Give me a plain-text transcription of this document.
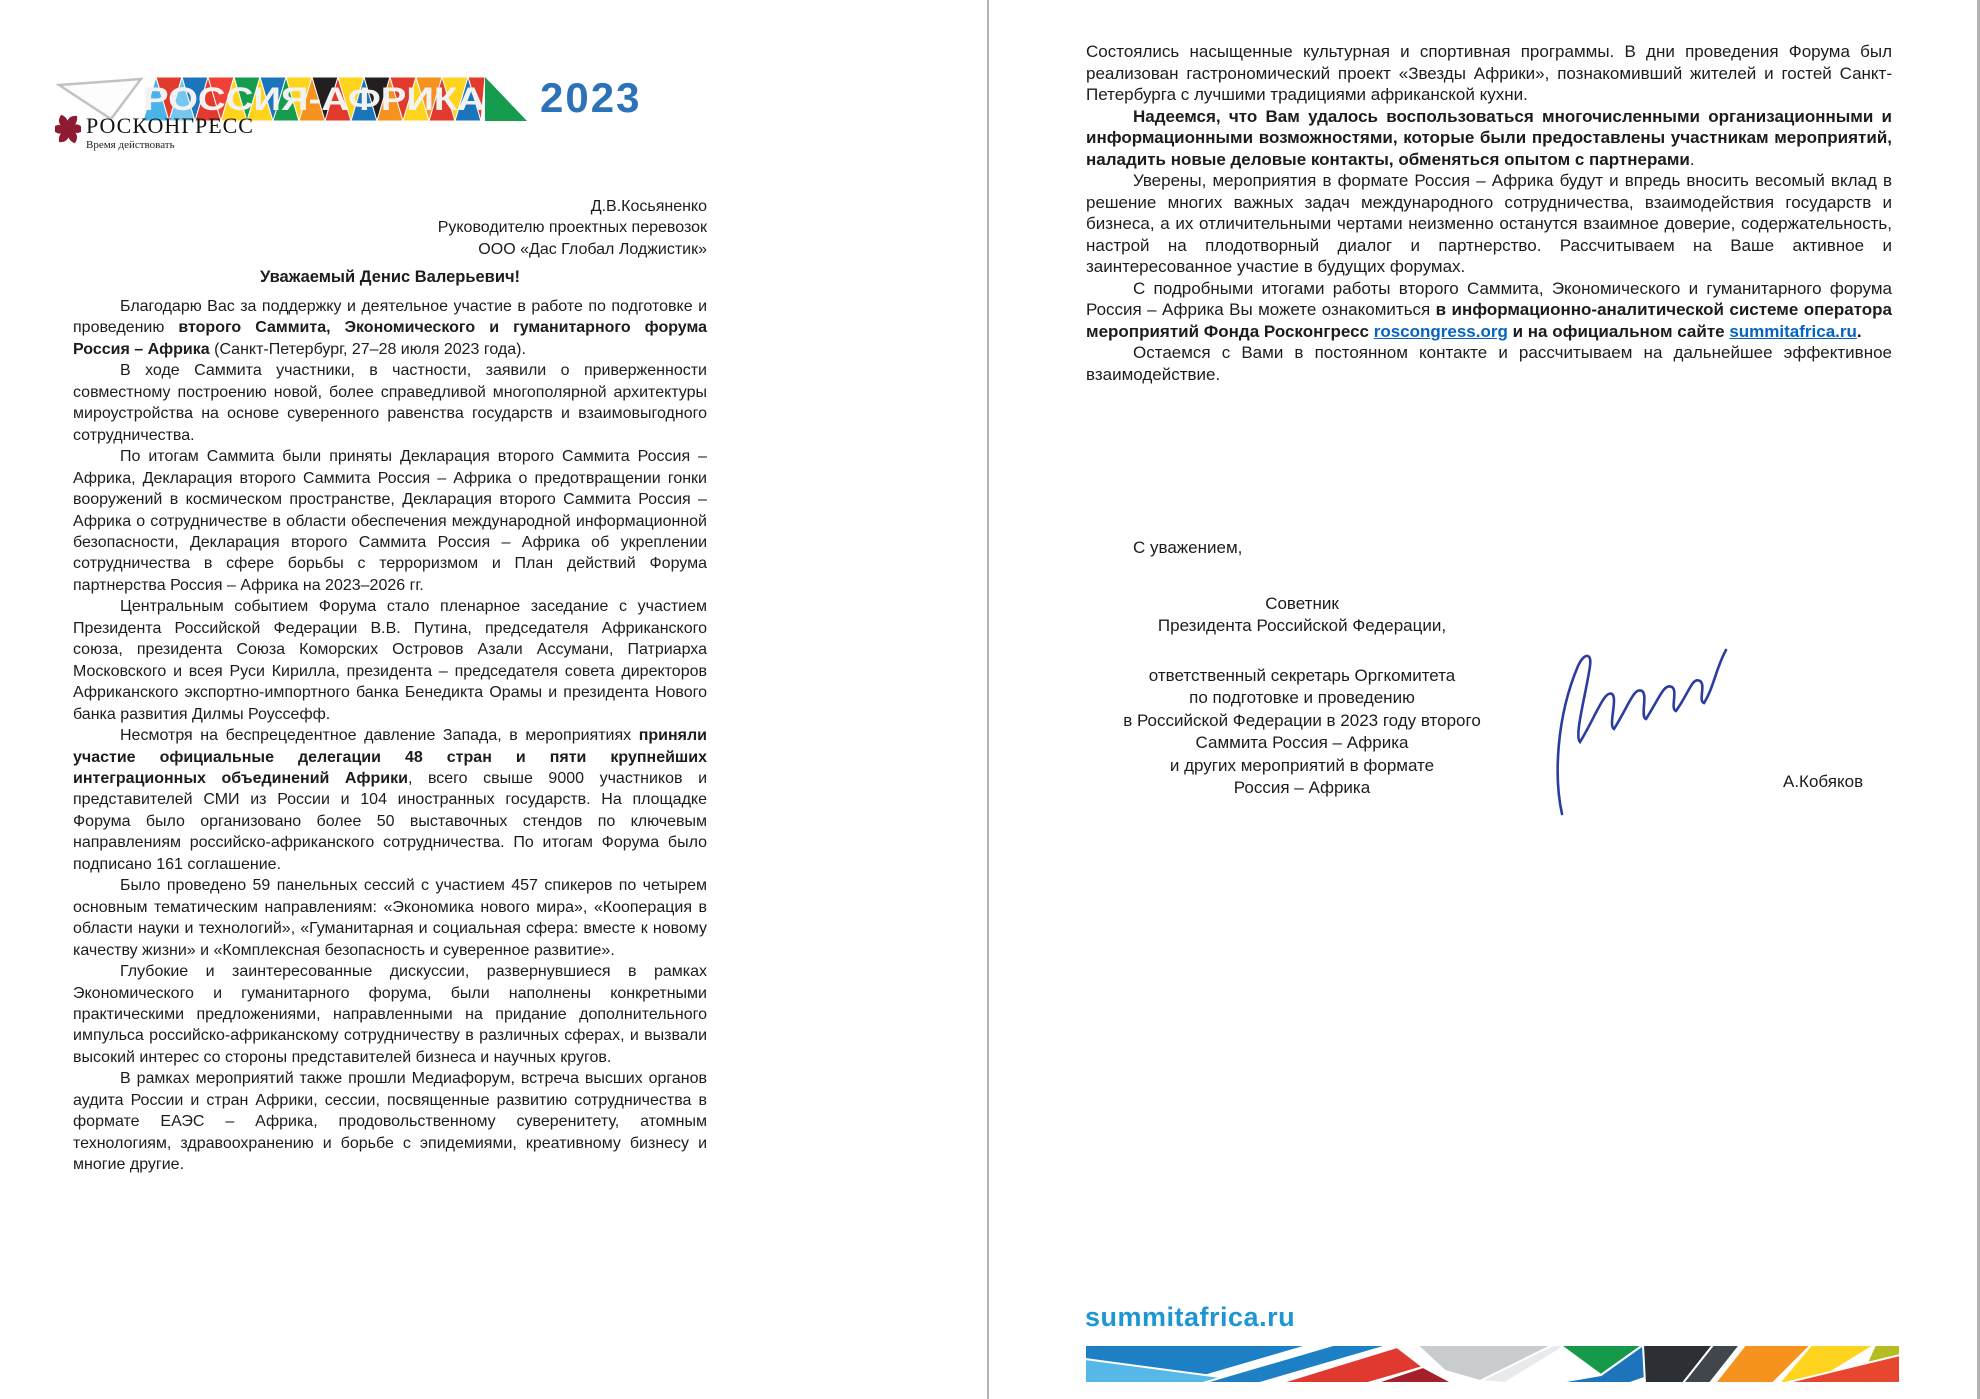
РОССИЯ-АФРИКА 2023
РОСКОНГРЕСС
Время действовать
Д.В.Косьяненко
Руководителю проектных перевозок
ООО «Дас Глобал Лоджистик»
Уважаемый Денис Валерьевич!

Благодарю Вас за поддержку и деятельное участие в работе по подготовке и проведению второго Саммита, Экономического и гуманитарного форума Россия – Африка (Санкт-Петербург, 27–28 июля 2023 года).

В ходе Саммита участники, в частности, заявили о приверженности совместному построению новой, более справедливой многополярной архитектуры мироустройства на основе суверенного равенства государств и взаимовыгодного сотрудничества.

По итогам Саммита были приняты Декларация второго Саммита Россия – Африка, Декларация второго Саммита Россия – Африка о предотвращении гонки вооружений в космическом пространстве, Декларация второго Саммита Россия – Африка о сотрудничестве в области обеспечения международной информационной безопасности, Декларация второго Саммита Россия – Африка об укреплении сотрудничества в сфере борьбы с терроризмом и План действий Форума партнерства Россия – Африка на 2023–2026 гг.

Центральным событием Форума стало пленарное заседание с участием Президента Российской Федерации В.В. Путина, председателя Африканского союза, президента Союза Коморских Островов Азали Ассумани, Патриарха Московского и всея Руси Кирилла, президента – председателя совета директоров Африканского экспортно-импортного банка Бенедикта Орамы и президента Нового банка развития Дилмы Роуссефф.

Несмотря на беспрецедентное давление Запада, в мероприятиях приняли участие официальные делегации 48 стран и пяти крупнейших интеграционных объединений Африки, всего свыше 9000 участников и представителей СМИ из России и 104 иностранных государств. На площадке Форума было организовано более 50 выставочных стендов по ключевым направлениям российско-африканского сотрудничества. По итогам Форума было подписано 161 соглашение.

Было проведено 59 панельных сессий с участием 457 спикеров по четырем основным тематическим направлениям: «Экономика нового мира», «Кооперация в области науки и технологий», «Гуманитарная и социальная сфера: вместе к новому качеству жизни» и «Комплексная безопасность и суверенное развитие».

Глубокие и заинтересованные дискуссии, развернувшиеся в рамках Экономического и гуманитарного форума, были наполнены конкретными практическими предложениями, направленными на придание дополнительного импульса российско-африканскому сотрудничеству в различных сферах, и вызвали высокий интерес со стороны представителей бизнеса и научных кругов.

В рамках мероприятий также прошли Медиафорум, встреча высших органов аудита России и стран Африки, сессии, посвященные развитию сотрудничества в формате ЕАЭС – Африка, продовольственному суверенитету, атомным технологиям, здравоохранению и борьбе с эпидемиями, креативному бизнесу и многие другие.

Состоялись насыщенные культурная и спортивная программы. В дни проведения Форума был реализован гастрономический проект «Звезды Африки», познакомивший жителей и гостей Санкт-Петербурга с лучшими традициями африканской кухни.

Надеемся, что Вам удалось воспользоваться многочисленными организационными и информационными возможностями, которые были предоставлены участникам мероприятий, наладить новые деловые контакты, обменяться опытом с партнерами.

Уверены, мероприятия в формате Россия – Африка будут и впредь вносить весомый вклад в решение многих важных задач международного сотрудничества, взаимодействия государств и бизнеса, а их отличительными чертами неизменно останутся взаимное доверие, содержательность, настрой на плодотворный диалог и партнерство. Рассчитываем на Ваше активное и заинтересованное участие в будущих форумах.

С подробными итогами работы второго Саммита, Экономического и гуманитарного форума Россия – Африка Вы можете ознакомиться в информационно-аналитической системе оператора мероприятий Фонда Росконгресс roscongress.org и на официальном сайте summitafrica.ru.

Остаемся с Вами в постоянном контакте и рассчитываем на дальнейшее эффективное взаимодействие.

С уважением,
Советник
Президента Российской Федерации,
ответственный секретарь Оргкомитета
по подготовке и проведению
в Российской Федерации в 2023 году второго
Саммита Россия – Африка
и других мероприятий в формате
Россия – Африка	А.Кобяков
summitafrica.ru
